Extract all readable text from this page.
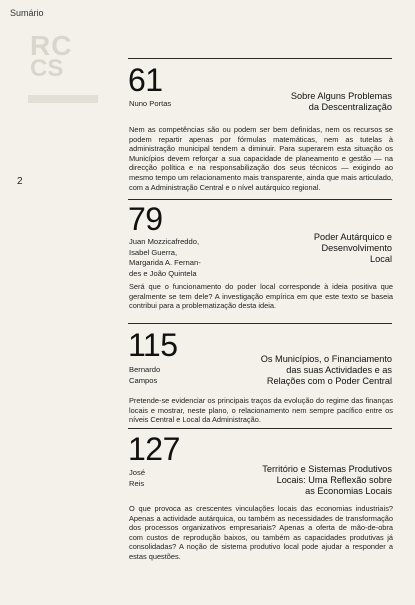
RC
CS
Sumário
2
61
Nuno Portas
Sobre Alguns Problemas
da Descentralização
Nem as competências são ou podem ser bem definidas, nem os recursos se podem repartir apenas por fórmulas matemáticas, nem as tutelas à administração municipal tendem a diminuir. Para superarem esta situação os Municípios devem reforçar a sua capacidade de planeamento e gestão — na direcção política e na responsabilização dos seus técnicos — exigindo ao mesmo tempo um relacionamento mais transparente, ainda que mais articulado, com a Administração Central e o nível autárquico regional.
79
Juan Mozzicafreddo,
Isabel Guerra,
Margarida A. Fernan-
des e João Quintela
Poder Autárquico e
Desenvolvimento
Local
Será que o funcionamento do poder local corresponde à ideia positiva que geralmente se tem dele? A investigação empírica em que este texto se baseia contribui para a problematização desta ideia.
115
Bernardo
Campos
Os Municípios, o Financiamento
das suas Actividades e as
Relações com o Poder Central
Pretende-se evidenciar os principais traços da evolução do regime das finanças locais e mostrar, neste plano, o relacionamento nem sempre pacífico entre os níveis Central e Local da Administração.
127
José
Reis
Território e Sistemas Produtivos
Locais: Uma Reflexão sobre
as Economias Locais
O que provoca as crescentes vinculações locais das economias industriais? Apenas a actividade autárquica, ou também as necessidades de transformação dos processos organizativos empresariais? Apenas a oferta de mão-de-obra com custos de reprodução baixos, ou também as capacidades produtivas já consolidadas? A noção de sistema produtivo local pode ajudar a responder a estas questões.
